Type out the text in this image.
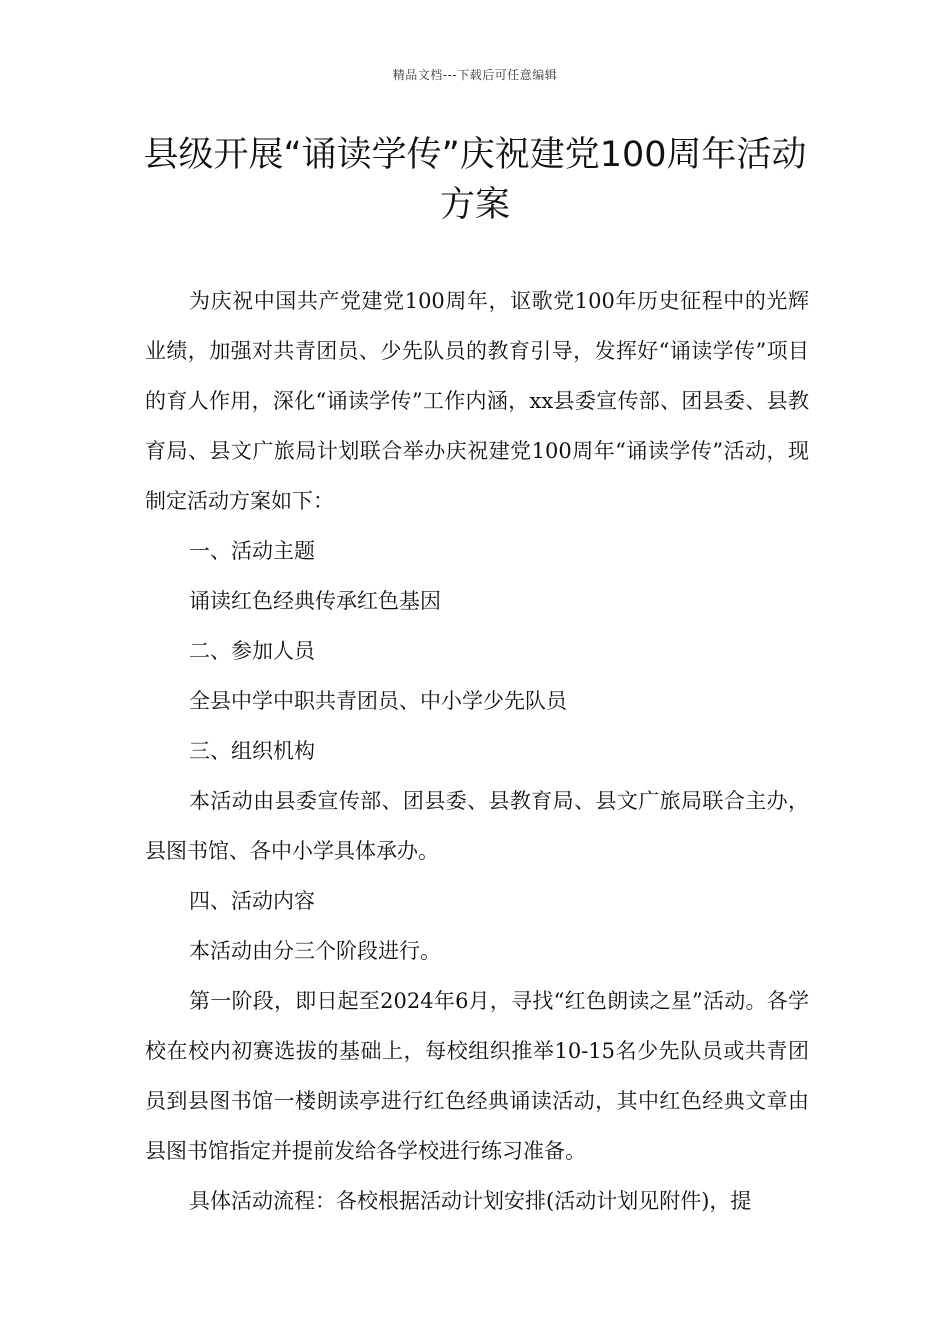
精品文档---下载后可任意编辑
县级开展“诵读学传”庆祝建党100周年活动方案

为庆祝中国共产党建党100周年，讴歌党100年历史征程中的光辉业绩，加强对共青团员、少先队员的教育引导，发挥好“诵读学传”项目的育人作用，深化“诵读学传”工作内涵，xx县委宣传部、团县委、县教育局、县文广旅局计划联合举办庆祝建党100周年“诵读学传”活动，现制定活动方案如下：

一、活动主题

诵读红色经典传承红色基因

二、参加人员

全县中学中职共青团员、中小学少先队员

三、组织机构

本活动由县委宣传部、团县委、县教育局、县文广旅局联合主办，县图书馆、各中小学具体承办。

四、活动内容

本活动由分三个阶段进行。

第一阶段，即日起至2024年6月，寻找“红色朗读之星”活动。各学校在校内初赛选拔的基础上，每校组织推举10-15名少先队员或共青团员到县图书馆一楼朗读亭进行红色经典诵读活动，其中红色经典文章由县图书馆指定并提前发给各学校进行练习准备。

具体活动流程：各校根据活动计划安排(活动计划见附件)，提
